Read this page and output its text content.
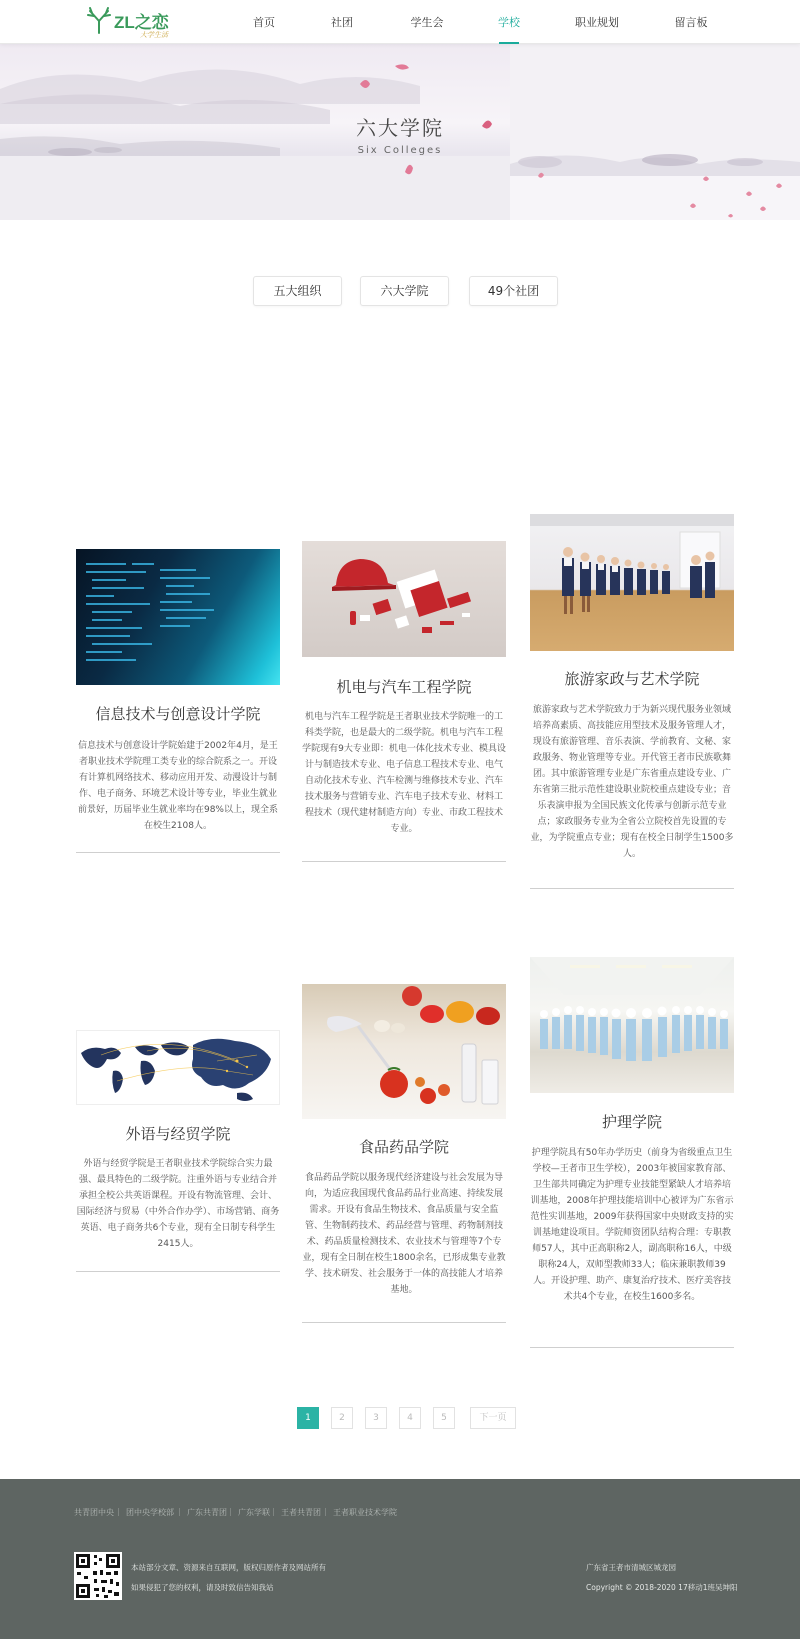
ZL之恋
大学生活
首页	社团	学生会	学校	职业规划	留言板
六大学院
Six Colleges
五大组织	六大学院	49个社团
信息技术与创意设计学院
信息技术与创意设计学院始建于2002年4月，是王者职业技术学院理工类专业的综合院系之一。开设有计算机网络技术、移动应用开发、动漫设计与制作、电子商务、环境艺术设计等专业，毕业生就业前景好，历届毕业生就业率均在98%以上，现全系在校生2108人。
机电与汽车工程学院
机电与汽车工程学院是王者职业技术学院唯一的工科类学院，也是最大的二级学院。机电与汽车工程学院现有9大专业即：机电一体化技术专业、模具设计与制造技术专业、电子信息工程技术专业、电气自动化技术专业、汽车检测与维修技术专业、汽车技术服务与营销专业、汽车电子技术专业、材料工程技术（现代建材制造方向）专业、市政工程技术专业。
旅游家政与艺术学院
旅游家政与艺术学院致力于为新兴现代服务业领域培养高素质、高技能应用型技术及服务管理人才，现设有旅游管理、音乐表演、学前教育、文秘、家政服务、物业管理等专业。开代管王者市民族歌舞团。其中旅游管理专业是广东省重点建设专业、广东省第三批示范性建设职业院校重点建设专业；音乐表演申报为全国民族文化传承与创新示范专业点；家政服务专业为全省公立院校首先设置的专业，为学院重点专业；现有在校全日制学生1500多人。
外语与经贸学院
外语与经贸学院是王者职业技术学院综合实力最强、最具特色的二级学院。注重外语与专业结合并承担全校公共英语课程。开设有物流管理、会计、国际经济与贸易（中外合作办学）、市场营销、商务英语、电子商务共6个专业，现有全日制专科学生2415人。
食品药品学院
食品药品学院以服务现代经济建设与社会发展为导向，为适应我国现代食品药品行业高速、持续发展需求。开设有食品生物技术、食品质量与安全监管、生物制药技术、药品经营与管理、药物制剂技术、药品质量检测技术、农业技术与管理等7个专业，现有全日制在校生1800余名，已形成集专业教学、技术研发、社会服务于一体的高技能人才培养基地。
护理学院
护理学院具有50年办学历史（前身为省级重点卫生学校—王者市卫生学校），2003年被国家教育部、卫生部共同确定为护理专业技能型紧缺人才培养培训基地，2008年护理技能培训中心被评为广东省示范性实训基地，2009年获得国家中央财政支持的实训基地建设项目。学院师资团队结构合理：专职教师57人，其中正高职称2人，副高职称16人，中级职称24人，双师型教师33人；临床兼职教师39人。开设护理、助产、康复治疗技术、医疗美容技术共4个专业，在校生1600多名。
1	2	3	4	5	下一页
共青团中央 | 团中央学校部 | 广东共青团 | 广东学联 | 王者共青团 | 王者职业技术学院
本站部分文章、资源来自互联网，版权归原作者及网站所有
如果侵犯了您的权利，请及时致信告知我站
广东省王者市清城区城龙园
Copyright © 2018-2020 17移动1班吴坤阳
